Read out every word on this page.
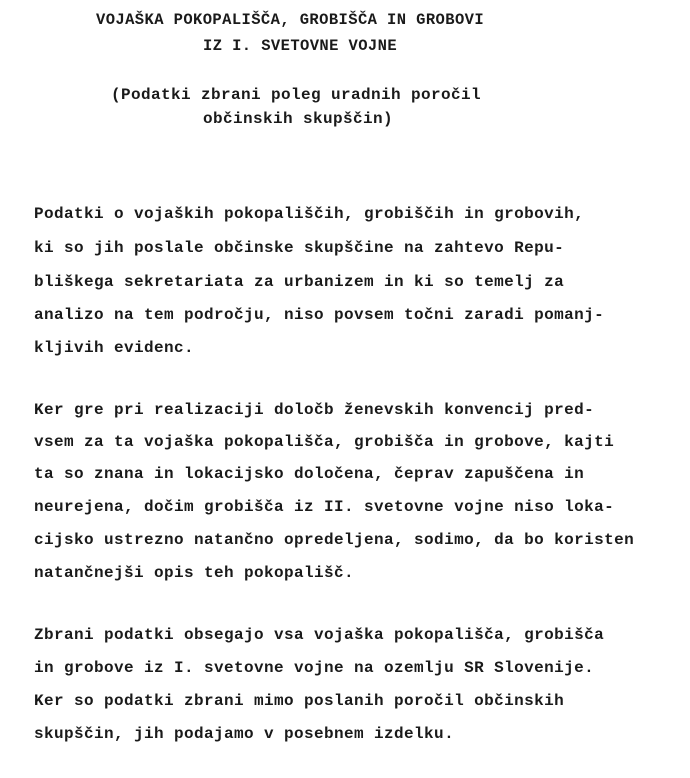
VOJAŠKA POKOPALIŠČA, GROBIŠČA IN GROBOVI
IZ I. SVETOVNE VOJNE
(Podatki zbrani poleg uradnih poročil
občinskih skupščin)
Podatki o vojaških pokopališčih, grobiščih in grobovih,
ki so jih poslale občinske skupščine na zahtevo Repu-
bliškega sekretariata za urbanizem in ki so temelj za
analizo na tem področju, niso povsem točni zaradi pomanj-
kljivih evidenc.
Ker gre pri realizaciji določb ženevskih konvencij pred-
vsem za ta vojaška pokopališča, grobišča in grobove, kajti
ta so znana in lokacijsko določena, čeprav zapuščena in
neurejena, dočim grobišča iz II. svetovne vojne niso loka-
cijsko ustrezno natančno opredeljena, sodimo, da bo koristen
natančnejši opis teh pokopališč.
Zbrani podatki obsegajo vsa vojaška pokopališča, grobišča
in grobove iz I. svetovne vojne na ozemlju SR Slovenije.
Ker so podatki zbrani mimo poslanih poročil občinskih
skupščin, jih podajamo v posebnem izdelku.
